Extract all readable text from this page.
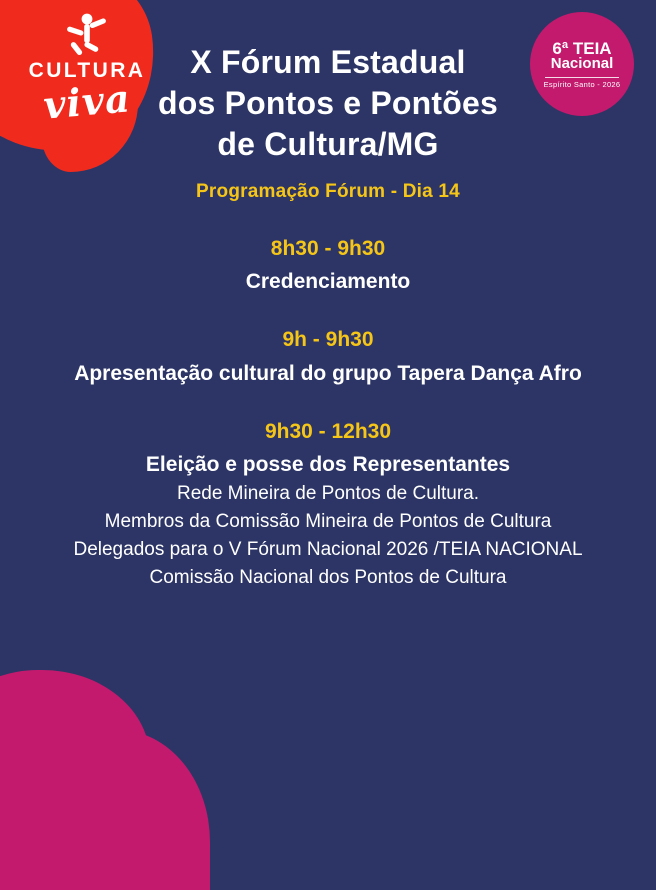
CULTURA
viva
6ª TEIA
Nacional
Espírito Santo - 2026
X Fórum Estadual
dos Pontos e Pontões
de Cultura/MG
Programação Fórum - Dia 14
8h30 - 9h30
Credenciamento
9h - 9h30
Apresentação cultural do grupo Tapera Dança Afro
9h30 - 12h30
Eleição e posse dos Representantes
Rede Mineira de Pontos de Cultura.
Membros da Comissão Mineira de Pontos de Cultura
Delegados para o V Fórum Nacional 2026 /TEIA NACIONAL
Comissão Nacional dos Pontos de Cultura
